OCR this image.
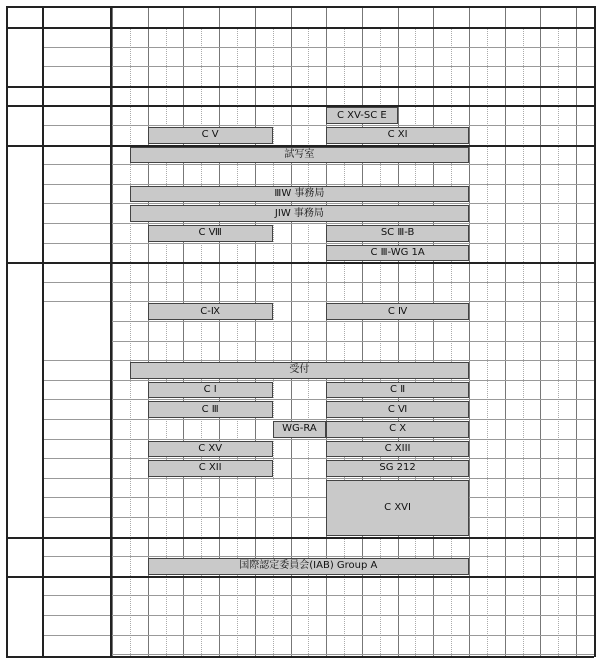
C XV-SC E
C V	C XI
試写室
ⅢW 事務局
JIW 事務局
C Ⅷ	SC Ⅲ-B
C Ⅲ-WG 1A
C-Ⅸ	C Ⅳ
受付
C Ⅰ	C Ⅱ
C Ⅲ	C Ⅵ
WG-RA	C X
C XV	C XIII
C XII	SG 212
C XVI
国際認定委員会(IAB) Group A
